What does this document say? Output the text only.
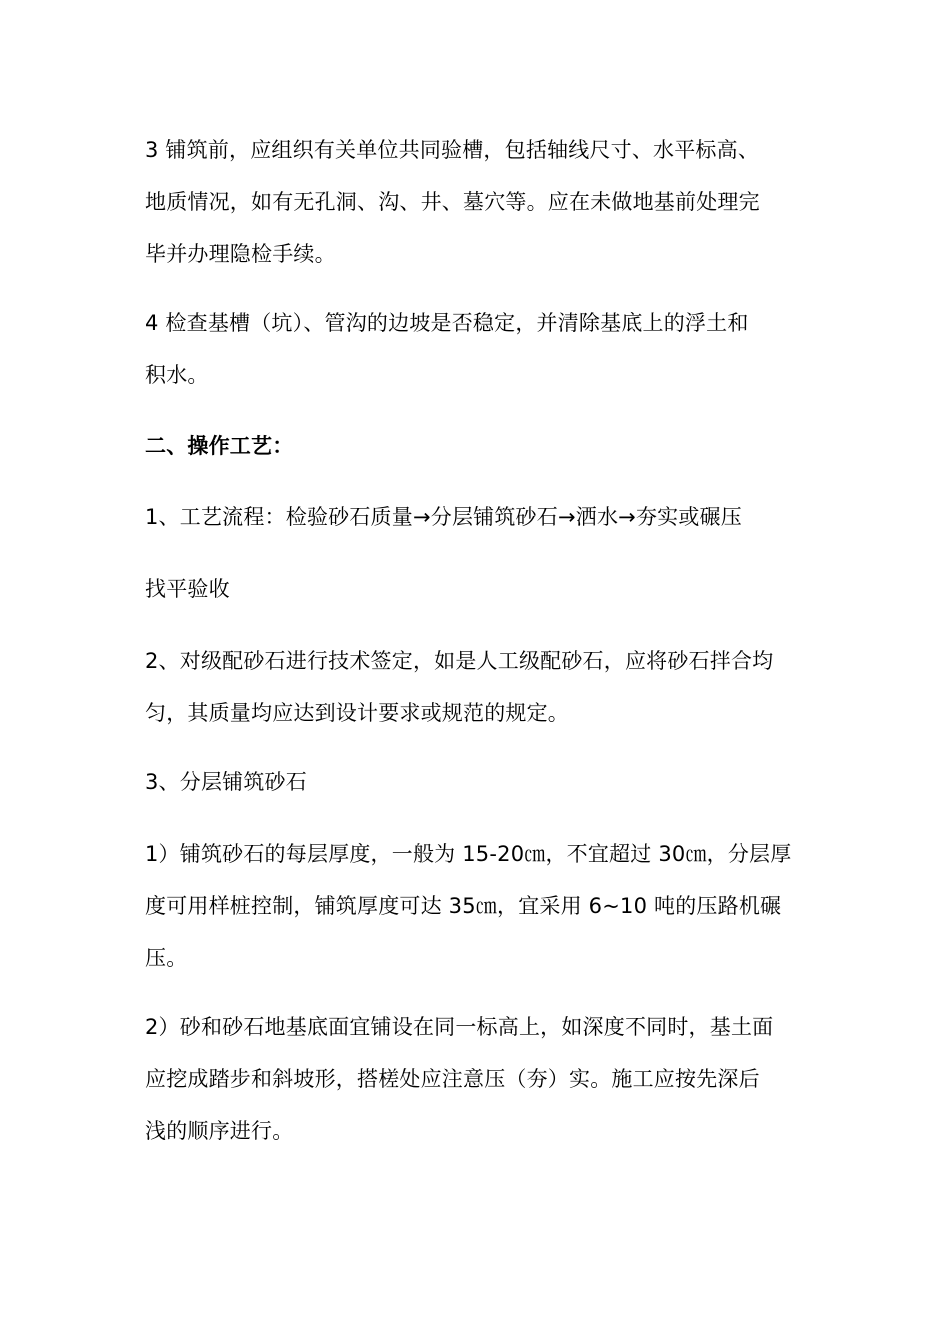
3 铺筑前，应组织有关单位共同验槽，包括轴线尺寸、水平标高、
地质情况，如有无孔洞、沟、井、墓穴等。应在未做地基前处理完
毕并办理隐检手续。
4 检查基槽（坑）、管沟的边坡是否稳定，并清除基底上的浮土和
积水。
二、操作工艺：
1、工艺流程：检验砂石质量→分层铺筑砂石→洒水→夯实或碾压
找平验收
2、对级配砂石进行技术签定，如是人工级配砂石，应将砂石拌合均
匀，其质量均应达到设计要求或规范的规定。
3、分层铺筑砂石
1）铺筑砂石的每层厚度，一般为 15-20㎝，不宜超过 30㎝，分层厚
度可用样桩控制，铺筑厚度可达 35㎝，宜采用 6~10 吨的压路机碾
压。
2）砂和砂石地基底面宜铺设在同一标高上，如深度不同时，基土面
应挖成踏步和斜坡形，搭槎处应注意压（夯）实。施工应按先深后
浅的顺序进行。
